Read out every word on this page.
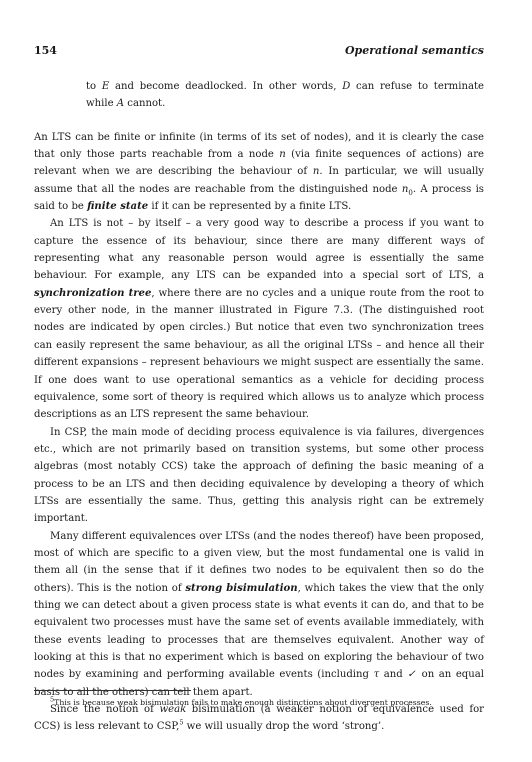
154	Operational semantics

to E and become deadlocked. In other words, D can refuse to terminate while A cannot.

An LTS can be finite or infinite (in terms of its set of nodes), and it is clearly the case that only those parts reachable from a node n (via finite sequences of actions) are relevant when we are describing the behaviour of n. In particular, we will usually assume that all the nodes are reachable from the distinguished node $n_0$. A process is said to be finite state if it can be represented by a finite LTS.

An LTS is not – by itself – a very good way to describe a process if you want to capture the essence of its behaviour, since there are many different ways of representing what any reasonable person would agree is essentially the same behaviour. For example, any LTS can be expanded into a special sort of LTS, a synchronization tree, where there are no cycles and a unique route from the root to every other node, in the manner illustrated in Figure 7.3. (The distinguished root nodes are indicated by open circles.) But notice that even two synchronization trees can easily represent the same behaviour, as all the original LTSs – and hence all their different expansions – represent behaviours we might suspect are essentially the same. If one does want to use operational semantics as a vehicle for deciding process equivalence, some sort of theory is required which allows us to analyze which process descriptions as an LTS represent the same behaviour.

In CSP, the main mode of deciding process equivalence is via failures, divergences etc., which are not primarily based on transition systems, but some other process algebras (most notably CCS) take the approach of defining the basic meaning of a process to be an LTS and then deciding equivalence by developing a theory of which LTSs are essentially the same. Thus, getting this analysis right can be extremely important.

Many different equivalences over LTSs (and the nodes thereof) have been proposed, most of which are specific to a given view, but the most fundamental one is valid in them all (in the sense that if it defines two nodes to be equivalent then so do the others). This is the notion of strong bisimulation, which takes the view that the only thing we can detect about a given process state is what events it can do, and that to be equivalent two processes must have the same set of events available immediately, with these events leading to processes that are themselves equivalent. Another way of looking at this is that no experiment which is based on exploring the behaviour of two nodes by examining and performing available events (including τ and ✓ on an equal basis to all the others) can tell them apart.

Since the notion of weak bisimulation (a weaker notion of equivalence used for CCS) is less relevant to CSP,$^5$ we will usually drop the word ‘strong’.

$^5$This is because weak bisimulation fails to make enough distinctions about divergent processes.
